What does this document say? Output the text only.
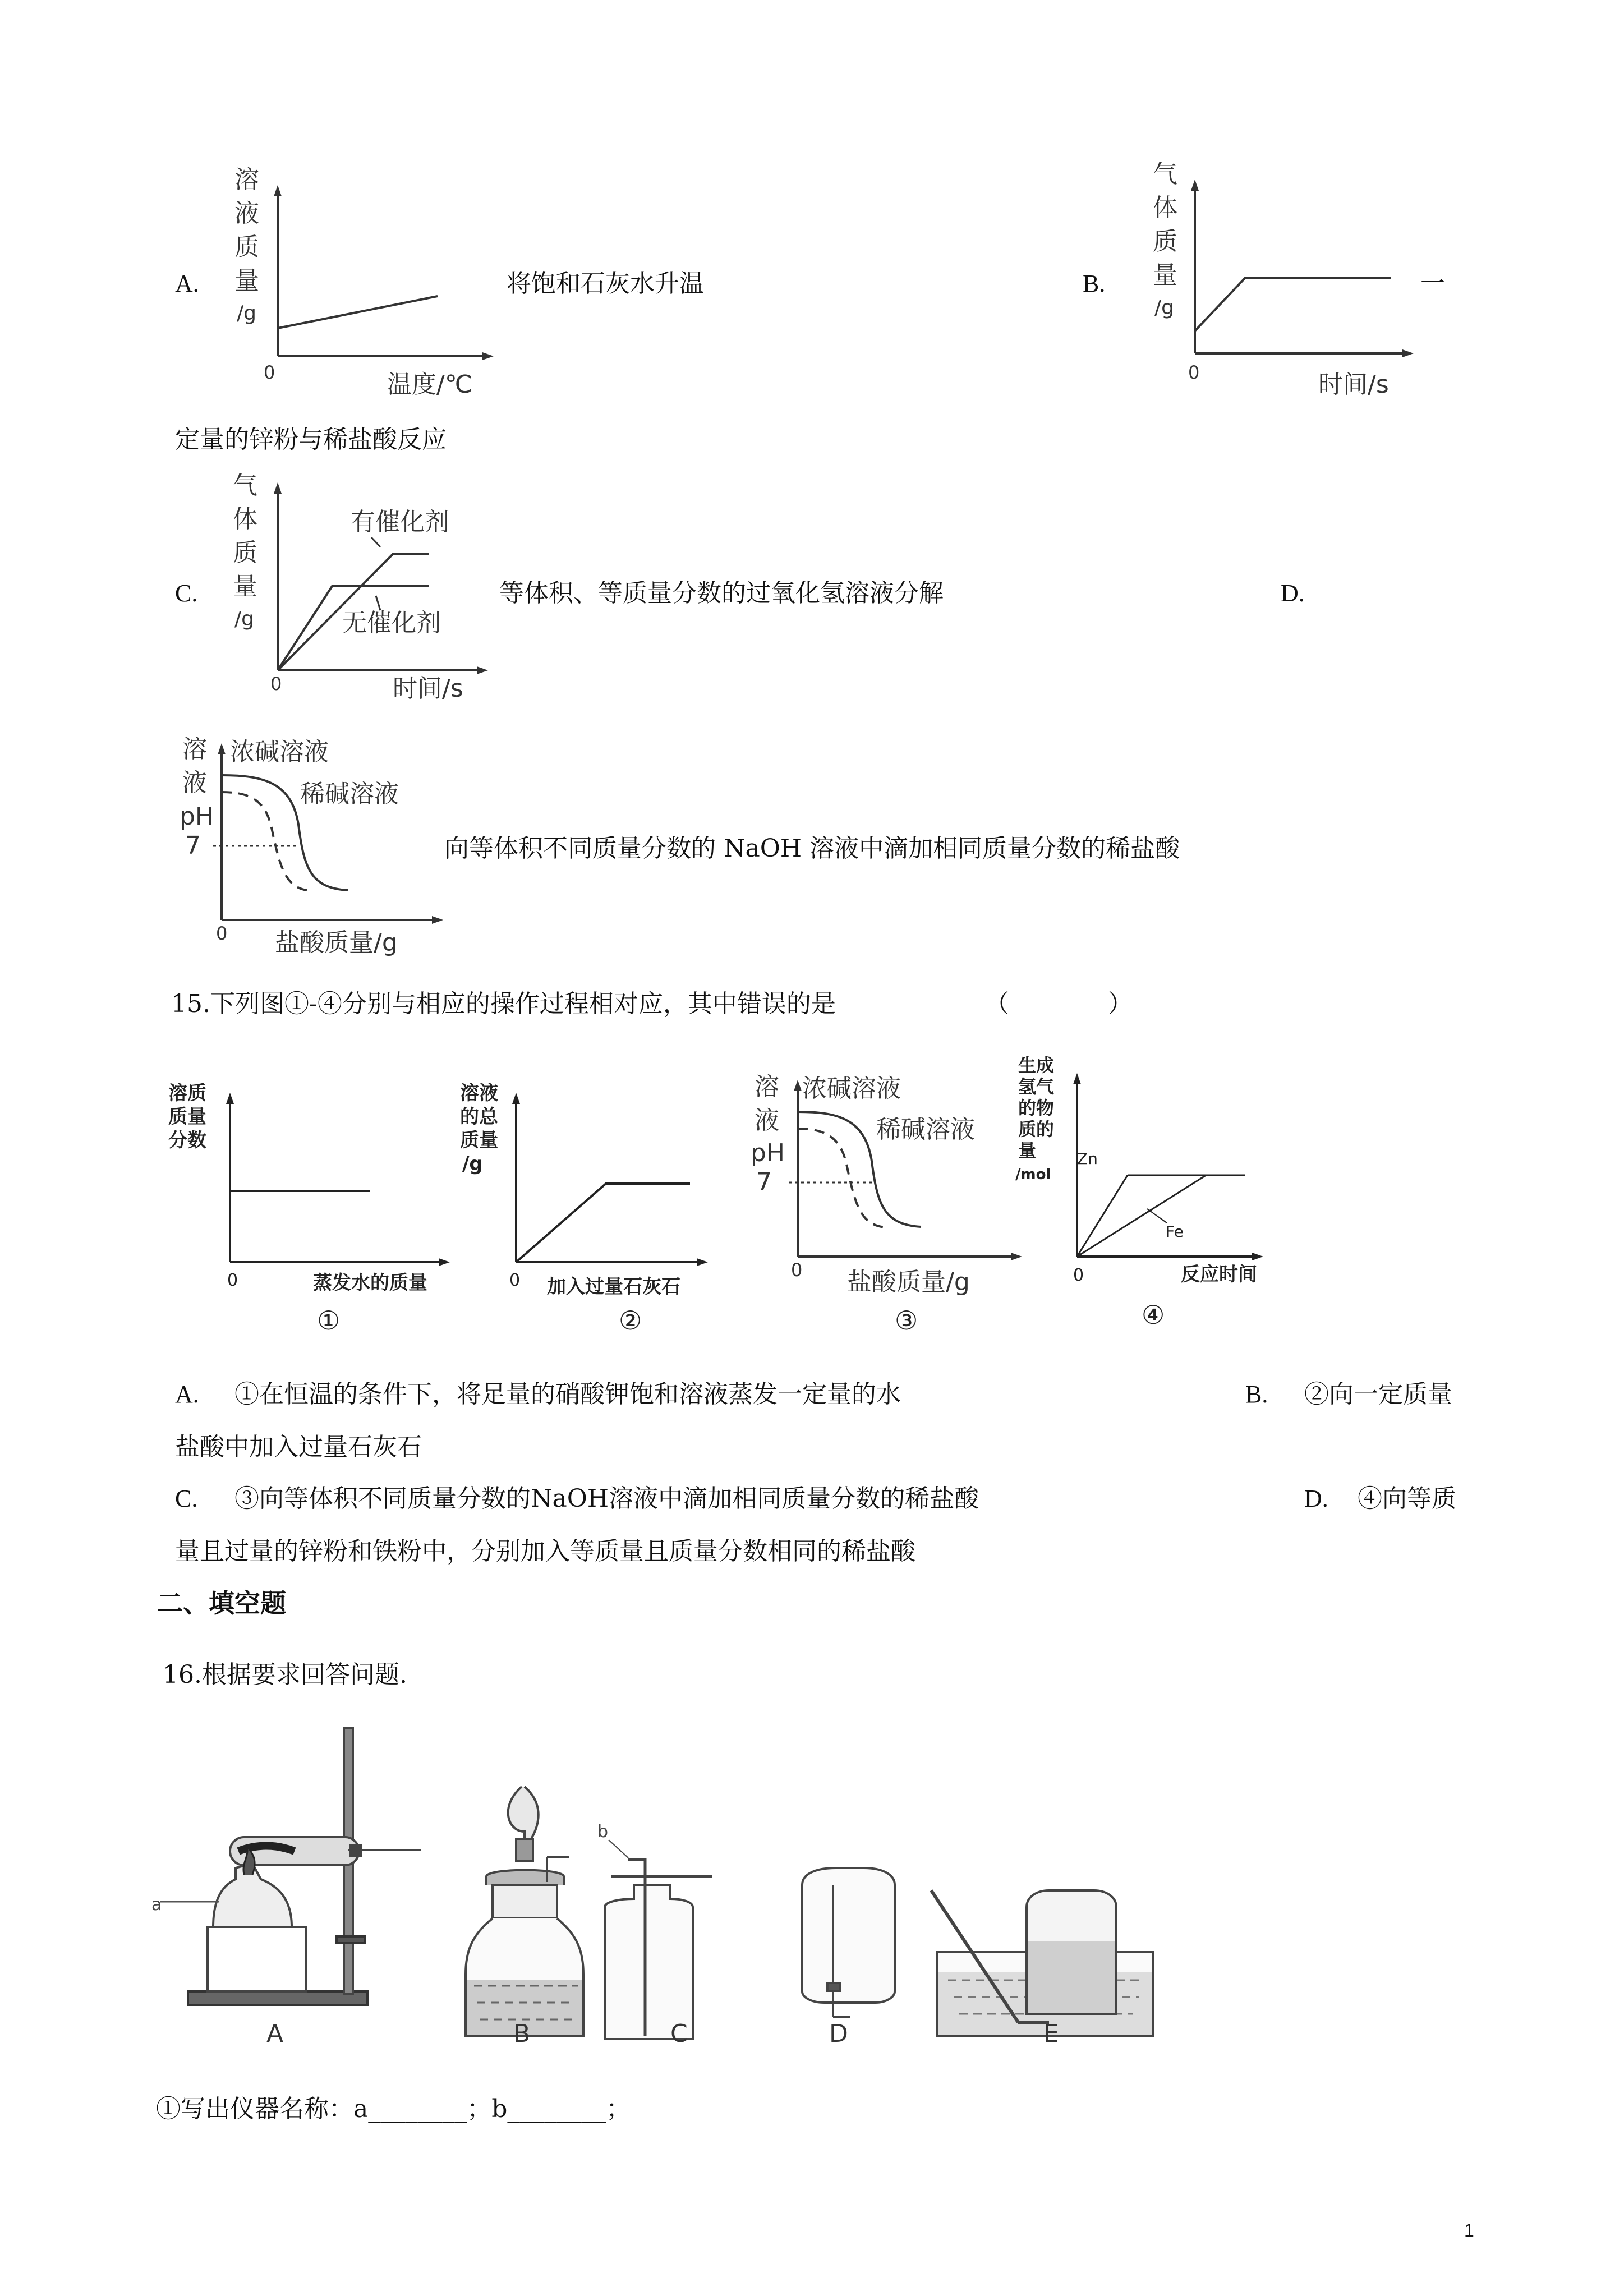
A.
溶
液
质
量
/g
0	温度/℃
将饱和石灰水升温	B.
气
体
质
量
/g
0	时间/s
一
定量的锌粉与稀盐酸反应
C.
气
体
质
量
/g
有催化剂
无催化剂
0	时间/s
等体积、等质量分数的过氧化氢溶液分解	D.
溶
液
pH
7
浓碱溶液
稀碱溶液
0 盐酸质量/g
向等体积不同质量分数的 NaOH 溶液中滴加相同质量分数的稀盐酸
15.下列图①-④分别与相应的操作过程相对应，其中错误的是	（　　　　）
溶质
质量
分数
0	蒸发水的质量
①
溶液
的总
质量
/g
0 加入过量石灰石
②
溶
液
pH
7
浓碱溶液
稀碱溶液
0 盐酸质量/g
③
生成
氢气
的物
质的
量
/mol
Zn
Fe
0	反应时间
④
A. ①在恒温的条件下，将足量的硝酸钾饱和溶液蒸发一定量的水	B. ②向一定质量
盐酸中加入过量石灰石
C. ③向等体积不同质量分数的NaOH溶液中滴加相同质量分数的稀盐酸	D. ④向等质
量且过量的锌粉和铁粉中，分别加入等质量且质量分数相同的稀盐酸
二、填空题
16.根据要求回答问题.
a
b
A	B	C	D	E
①写出仪器名称：a________；b________；
1
